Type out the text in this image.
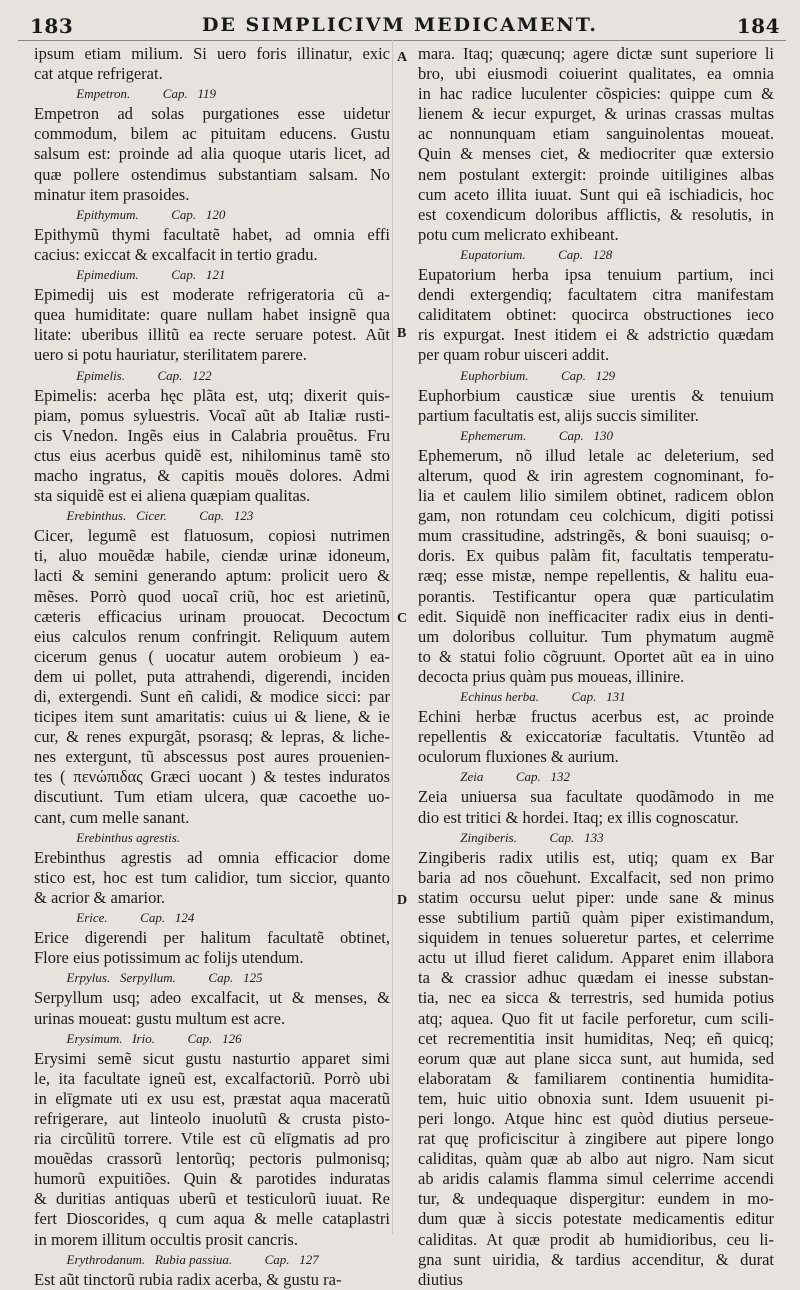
183	DE SIMPLICIVM MEDICAMENT.	184
A
B
C
D
ipsum etiam milium. Si uero foris illinatur, exic
cat atque refrigerat.
Empetron.          Cap.   119
Empetron ad solas purgationes esse uidetur
commodum, bilem ac pituitam educens. Gustu
salsum est: proinde ad alia quoque utaris licet, ad
quæ pollere ostendimus substantiam salsam. No
minatur item prasoides.
Epithymum.          Cap.   120
Epithymũ thymi facultatẽ habet, ad omnia effi
cacius: exiccat & excalfacit in tertio gradu.
Epimedium.          Cap.   121
Epimedij uis est moderate refrigeratoria cũ a-
quea humiditate: quare nullam habet insignẽ qua
litate: uberibus illitũ ea recte seruare potest. Aũt
uero si potu hauriatur, sterilitatem parere.
Epimelis.          Cap.   122
Epimelis: acerba hęc plãta est, utq; dixerit quis-
piam, pomus syluestris. Vocaĩ aũt ab Italiæ rusti-
cis Vnedon. Ingẽs eius in Calabria prouẽtus. Fru
ctus eius acerbus quidẽ est, nihilominus tamẽ sto
macho ingratus, & capitis mouẽs dolores. Admi
sta siquidẽ est ei aliena quæpiam qualitas.
Erebinthus.   Cicer.          Cap.   123
Cicer, legumẽ est flatuosum, copiosi nutrimen
ti, aluo mouẽdæ habile, ciendæ urinæ idoneum,
lacti & semini generando aptum: prolicit uero &
mẽses. Porrò quod uocaĩ criũ, hoc est arietinũ,
cæteris efficacius urinam prouocat. Decoctum
eius calculos renum confringit. Reliquum autem
cicerum genus ( uocatur autem orobieum ) ea-
dem ui pollet, puta attrahendi, digerendi, inciden
di, extergendi. Sunt eñ calidi, & modice sicci: par
ticipes item sunt amaritatis: cuius ui & liene, & ie
cur, & renes expurgãt, psorasq; & lepras, & liche-
nes extergunt, tũ abscessus post aures prouenien-
tes ( πενώπιδας Græci uocant ) & testes induratos
discutiunt. Tum etiam ulcera, quæ cacoethe uo-
cant, cum melle sanant.
Erebinthus agrestis.
Erebinthus agrestis ad omnia efficacior dome
stico est, hoc est tum calidior, tum siccior, quanto
& acrior & amarior.
Erice.          Cap.   124
Erice digerendi per halitum facultatẽ obtinet,
Flore eius potissimum ac folijs utendum.
Erpylus.   Serpyllum.          Cap.   125
Serpyllum usq; adeo excalfacit, ut & menses, &
urinas moueat: gustu multum est acre.
Erysimum.   Irio.          Cap.   126
Erysimi semẽ sicut gustu nasturtio apparet simi
le, ita facultate igneũ est, excalfactoriũ. Porrò ubi
in elīgmate uti ex usu est, præstat aqua maceratũ
refrigerare, aut linteolo inuolutũ & crusta pisto-
ria circũlitũ torrere. Vtile est cũ elīgmatis ad pro
mouẽdas crassorũ lentorũq; pectoris pulmonisq;
humorũ expuitiões. Quin & parotides induratas
& duritias antiquas uberũ et testiculorũ iuuat. Re
fert Dioscorides, q cum aqua & melle cataplastri
in morem illitum occultis prosit cancris.
Erythrodanum.   Rubia passiua.          Cap.   127
Est aũt tinctorũ rubia radix acerba, & gustu ra-
mara. Itaq; quæcunq; agere dictæ sunt superiore li
bro, ubi eiusmodi coiuerint qualitates, ea omnia
in hac radice luculenter cõspicies: quippe cum &
lienem & iecur expurget, & urinas crassas multas
ac nonnunquam etiam sanguinolentas moueat.
Quin & menses ciet, & mediocriter quæ extersio
nem postulant extergit: proinde uitiligines albas
cum aceto illita iuuat. Sunt qui eã ischiadicis, hoc
est coxendicum doloribus afflictis, & resolutis, in
potu cum melicrato exhibeant.
Eupatorium.          Cap.   128
Eupatorium herba ipsa tenuium partium, inci
dendi extergendiq; facultatem citra manifestam
caliditatem obtinet: quocirca obstructiones ieco
ris expurgat. Inest itidem ei & adstrictio quædam
per quam robur uisceri addit.
Euphorbium.          Cap.   129
Euphorbium causticæ siue urentis & tenuium
partium facultatis est, alijs succis similiter.
Ephemerum.          Cap.   130
Ephemerum, nõ illud letale ac deleterium, sed
alterum, quod & irin agrestem cognominant, fo-
lia et caulem lilio similem obtinet, radicem oblon
gam, non rotundam ceu colchicum, digiti potissi
mum crassitudine, adstringẽs, & boni suauisq; o-
doris. Ex quibus palàm fit, facultatis temperatu-
ræq; esse mistæ, nempe repellentis, & halitu eua-
porantis. Testificantur opera quæ particulatim
edit. Siquidẽ non inefficaciter radix eius in denti-
um doloribus colluitur. Tum phymatum augmẽ
to & statui folio cõgruunt. Oportet aũt ea in uino
decocta prius quàm pus moueas, illinire.
Echinus herba.          Cap.   131
Echini herbæ fructus acerbus est, ac proinde
repellentis & exiccatoriæ facultatis. Vtuntẽo ad
oculorum fluxiones & aurium.
Zeia          Cap.   132
Zeia uniuersa sua facultate quodãmodo in me
dio est tritici & hordei. Itaq; ex illis cognoscatur.
Zingiberis.          Cap.   133
Zingiberis radix utilis est, utiq; quam ex Bar
baria ad nos cõuehunt. Excalfacit, sed non primo
statim occursu uelut piper: unde sane & minus
esse subtilium partiũ quàm piper existimandum,
siquidem in tenues solueretur partes, et celerrime
actu ut illud fieret calidum. Apparet enim illabora
ta & crassior adhuc quædam ei inesse substan-
tia, nec ea sicca & terrestris, sed humida potius
atq; aquea. Quo fit ut facile perforetur, cum scili-
cet recrementitia insit humiditas, Neq; eñ quicq;
eorum quæ aut plane sicca sunt, aut humida, sed
elaboratam & familiarem continentia humidita-
tem, huic uitio obnoxia sunt. Idem usuuenit pi-
peri longo. Atque hinc est quòd diutius perseue-
rat quę proficiscitur à zingibere aut pipere longo
caliditas, quàm quæ ab albo aut nigro. Nam sicut
ab aridis calamis flamma simul celerrime accendi
tur, & undequaque dispergitur: eundem in mo-
dum quæ à siccis potestate medicamentis editur
caliditas. At quæ prodit ab humidioribus, ceu li-
gna sunt uiridia, & tardius accenditur, & durat
diutius
